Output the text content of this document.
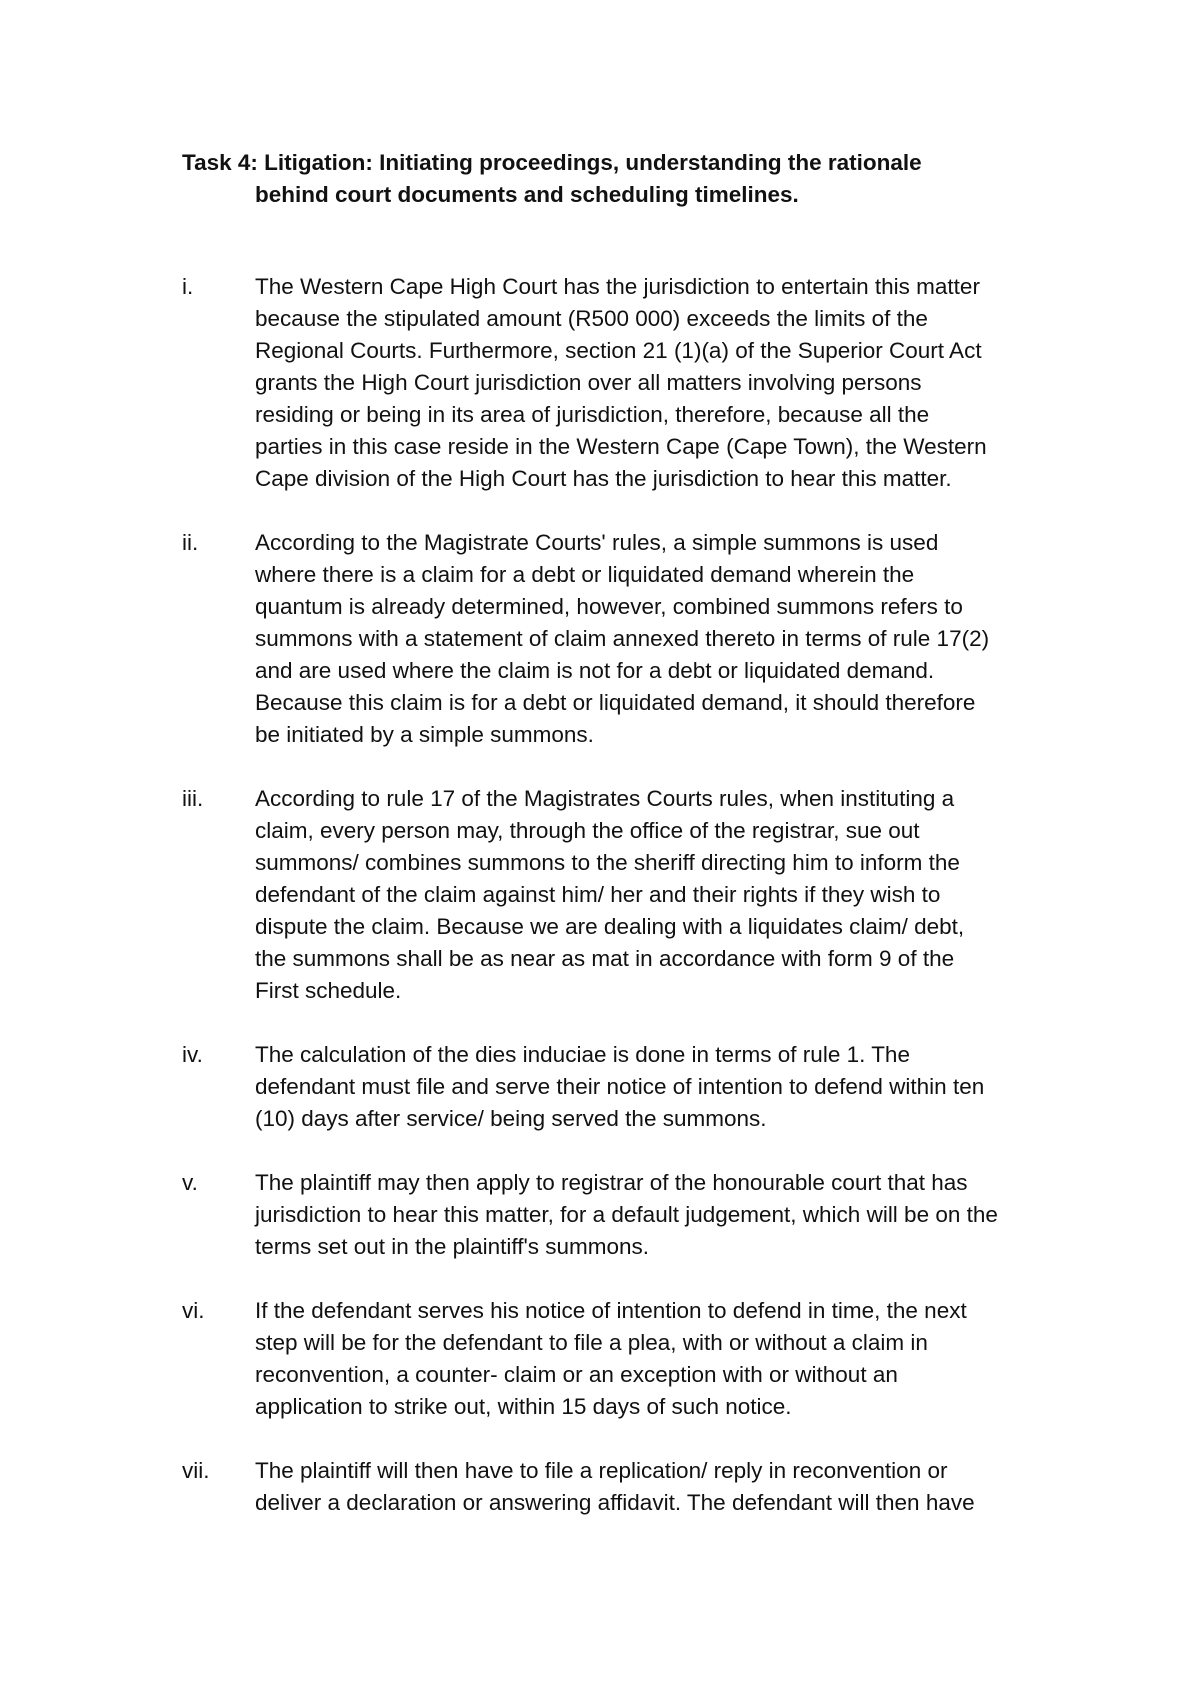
Task 4: Litigation: Initiating proceedings, understanding the rationale
behind court documents and scheduling timelines.
i.	The Western Cape High Court has the jurisdiction to entertain this matter
because the stipulated amount (R500 000) exceeds the limits of the
Regional Courts. Furthermore, section 21 (1)(a) of the Superior Court Act
grants the High Court jurisdiction over all matters involving persons
residing or being in its area of jurisdiction, therefore, because all the
parties in this case reside in the Western Cape (Cape Town), the Western
Cape division of the High Court has the jurisdiction to hear this matter.
ii.	According to the Magistrate Courts' rules, a simple summons is used
where there is a claim for a debt or liquidated demand wherein the
quantum is already determined, however, combined summons refers to
summons with a statement of claim annexed thereto in terms of rule 17(2)
and are used where the claim is not for a debt or liquidated demand.
Because this claim is for a debt or liquidated demand, it should therefore
be initiated by a simple summons.
iii.	According to rule 17 of the Magistrates Courts rules, when instituting a
claim, every person may, through the office of the registrar, sue out
summons/ combines summons to the sheriff directing him to inform the
defendant of the claim against him/ her and their rights if they wish to
dispute the claim. Because we are dealing with a liquidates claim/ debt,
the summons shall be as near as mat in accordance with form 9 of the
First schedule.
iv.	The calculation of the dies induciae is done in terms of rule 1. The
defendant must file and serve their notice of intention to defend within ten
(10) days after service/ being served the summons.
v.	The plaintiff may then apply to registrar of the honourable court that has
jurisdiction to hear this matter, for a default judgement, which will be on the
terms set out in the plaintiff's summons.
vi.	If the defendant serves his notice of intention to defend in time, the next
step will be for the defendant to file a plea, with or without a claim in
reconvention, a counter- claim or an exception with or without an
application to strike out, within 15 days of such notice.
vii.	The plaintiff will then have to file a replication/ reply in reconvention or
deliver a declaration or answering affidavit. The defendant will then have
